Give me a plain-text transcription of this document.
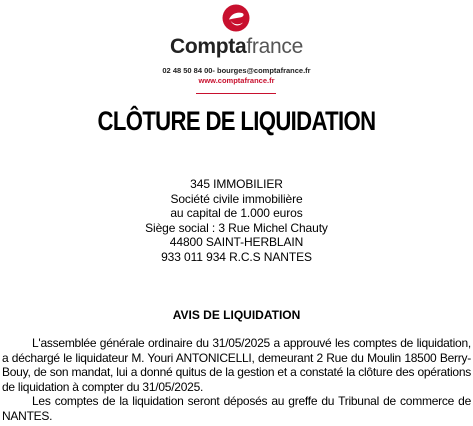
Comptafrance
02 48 50 84 00- bourges@comptafrance.fr
www.comptafrance.fr
CLÔTURE DE LIQUIDATION
345 IMMOBILIER
Société civile immobilière
au capital de 1.000 euros
Siège social : 3 Rue Michel Chauty
44800 SAINT-HERBLAIN
933 011 934 R.C.S NANTES
AVIS DE LIQUIDATION

L'assemblée générale ordinaire du 31/05/2025 a approuvé les comptes de liquidation, a déchargé le liquidateur M. Youri ANTONICELLI, demeurant 2 Rue du Moulin 18500 Berry-Bouy, de son mandat, lui a donné quitus de la gestion et a constaté la clôture des opérations de liquidation à compter du 31/05/2025.

Les comptes de la liquidation seront déposés au greffe du Tribunal de commerce de NANTES.
